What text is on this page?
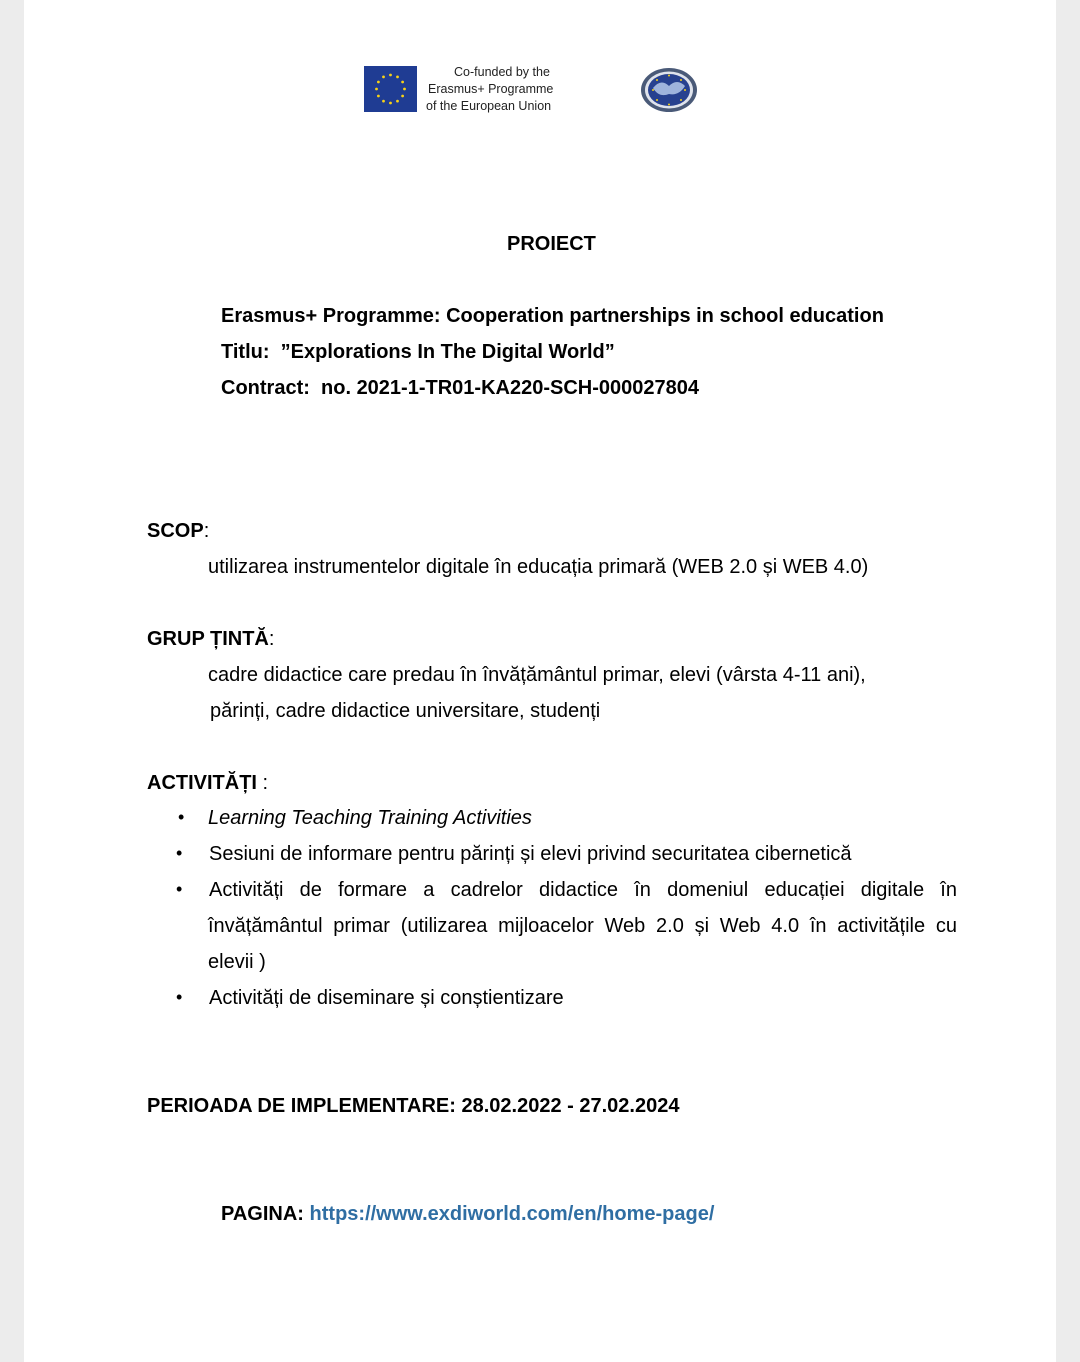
Co-funded by the
Erasmus+ Programme
of the European Union
PROIECT
Erasmus+ Programme: Cooperation partnerships in school education
Titlu: ”Explorations In The Digital World”
Contract: no. 2021-1-TR01-KA220-SCH-000027804
SCOP:
utilizarea instrumentelor digitale în educația primară (WEB 2.0 și WEB 4.0)
GRUP ȚINTĂ:
cadre didactice care predau în învățământul primar, elevi (vârsta 4-11 ani),
părinți, cadre didactice universitare, studenți
ACTIVITĂȚI :
• Learning Teaching Training Activities
• Sesiuni de informare pentru părinți și elevi privind securitatea cibernetică
• Activități de formare a cadrelor didactice în domeniul educației digitale în
învățământul primar (utilizarea mijloacelor Web 2.0 și Web 4.0 în activitățile cu
elevii )
• Activități de diseminare și conștientizare
PERIOADA DE IMPLEMENTARE: 28.02.2022 - 27.02.2024
PAGINA: https://www.exdiworld.com/en/home-page/
